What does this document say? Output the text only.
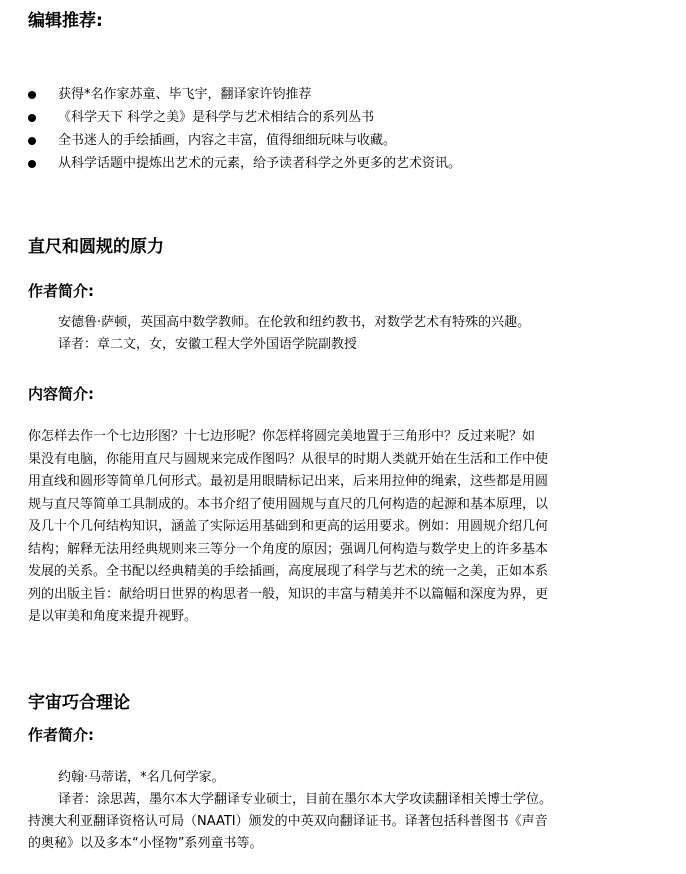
编辑推荐:
获得*名作家苏童、毕飞宇，翻译家许钧推荐
《科学天下 科学之美》是科学与艺术相结合的系列丛书
全书迷人的手绘插画，内容之丰富，值得细细玩味与收藏。
从科学话题中提炼出艺术的元素，给予读者科学之外更多的艺术资讯。
直尺和圆规的原力
作者简介:
安德鲁·萨顿，英国高中数学教师。在伦敦和纽约教书，对数学艺术有特殊的兴趣。
译者：章二文，女，安徽工程大学外国语学院副教授
内容简介:
你怎样去作一个七边形图？十七边形呢？你怎样将圆完美地置于三角形中？反过来呢？如
果没有电脑，你能用直尺与圆规来完成作图吗？从很早的时期人类就开始在生活和工作中使
用直线和圆形等简单几何形式。最初是用眼睛标记出来，后来用拉伸的绳索，这些都是用圆
规与直尺等简单工具制成的。本书介绍了使用圆规与直尺的几何构造的起源和基本原理，以
及几十个几何结构知识，涵盖了实际运用基础到和更高的运用要求。例如：用圆规介绍几何
结构；解释无法用经典规则来三等分一个角度的原因；强调几何构造与数学史上的许多基本
发展的关系。全书配以经典精美的手绘插画，高度展现了科学与艺术的统一之美，正如本系
列的出版主旨：献给明日世界的构思者一般，知识的丰富与精美并不以篇幅和深度为界，更
是以审美和角度来提升视野。
宇宙巧合理论
作者简介:
约翰·马蒂诺，*名几何学家。
译者：涂思茜，墨尔本大学翻译专业硕士，目前在墨尔本大学攻读翻译相关博士学位。
持澳大利亚翻译资格认可局（NAATI）颁发的中英双向翻译证书。译著包括科普图书《声音
的奥秘》以及多本“小怪物”系列童书等。
